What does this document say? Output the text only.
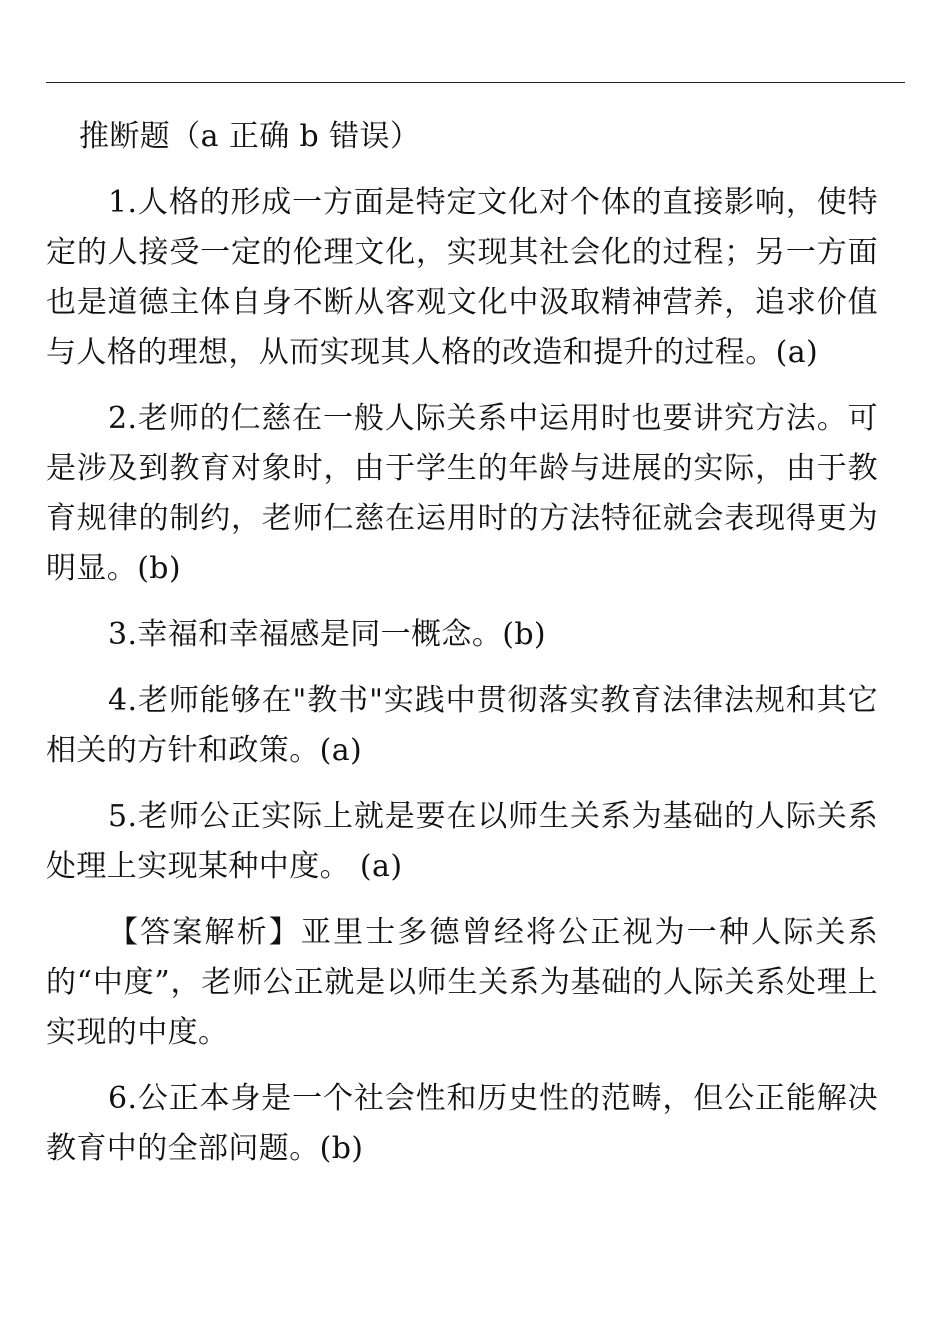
推断题（a 正确 b 错误）

1.人格的形成一方面是特定文化对个体的直接影响，使特定的人接受一定的伦理文化，实现其社会化的过程；另一方面也是道德主体自身不断从客观文化中汲取精神营养，追求价值与人格的理想，从而实现其人格的改造和提升的过程。(a)

2.老师的仁慈在一般人际关系中运用时也要讲究方法。可是涉及到教育对象时，由于学生的年龄与进展的实际，由于教育规律的制约，老师仁慈在运用时的方法特征就会表现得更为明显。(b)

3.幸福和幸福感是同一概念。(b)

4.老师能够在"教书"实践中贯彻落实教育法律法规和其它相关的方针和政策。(a)

5.老师公正实际上就是要在以师生关系为基础的人际关系处理上实现某种中度。 (a)

【答案解析】亚里士多德曾经将公正视为一种人际关系的“中度”，老师公正就是以师生关系为基础的人际关系处理上实现的中度。

6.公正本身是一个社会性和历史性的范畴，但公正能解决教育中的全部问题。(b)
